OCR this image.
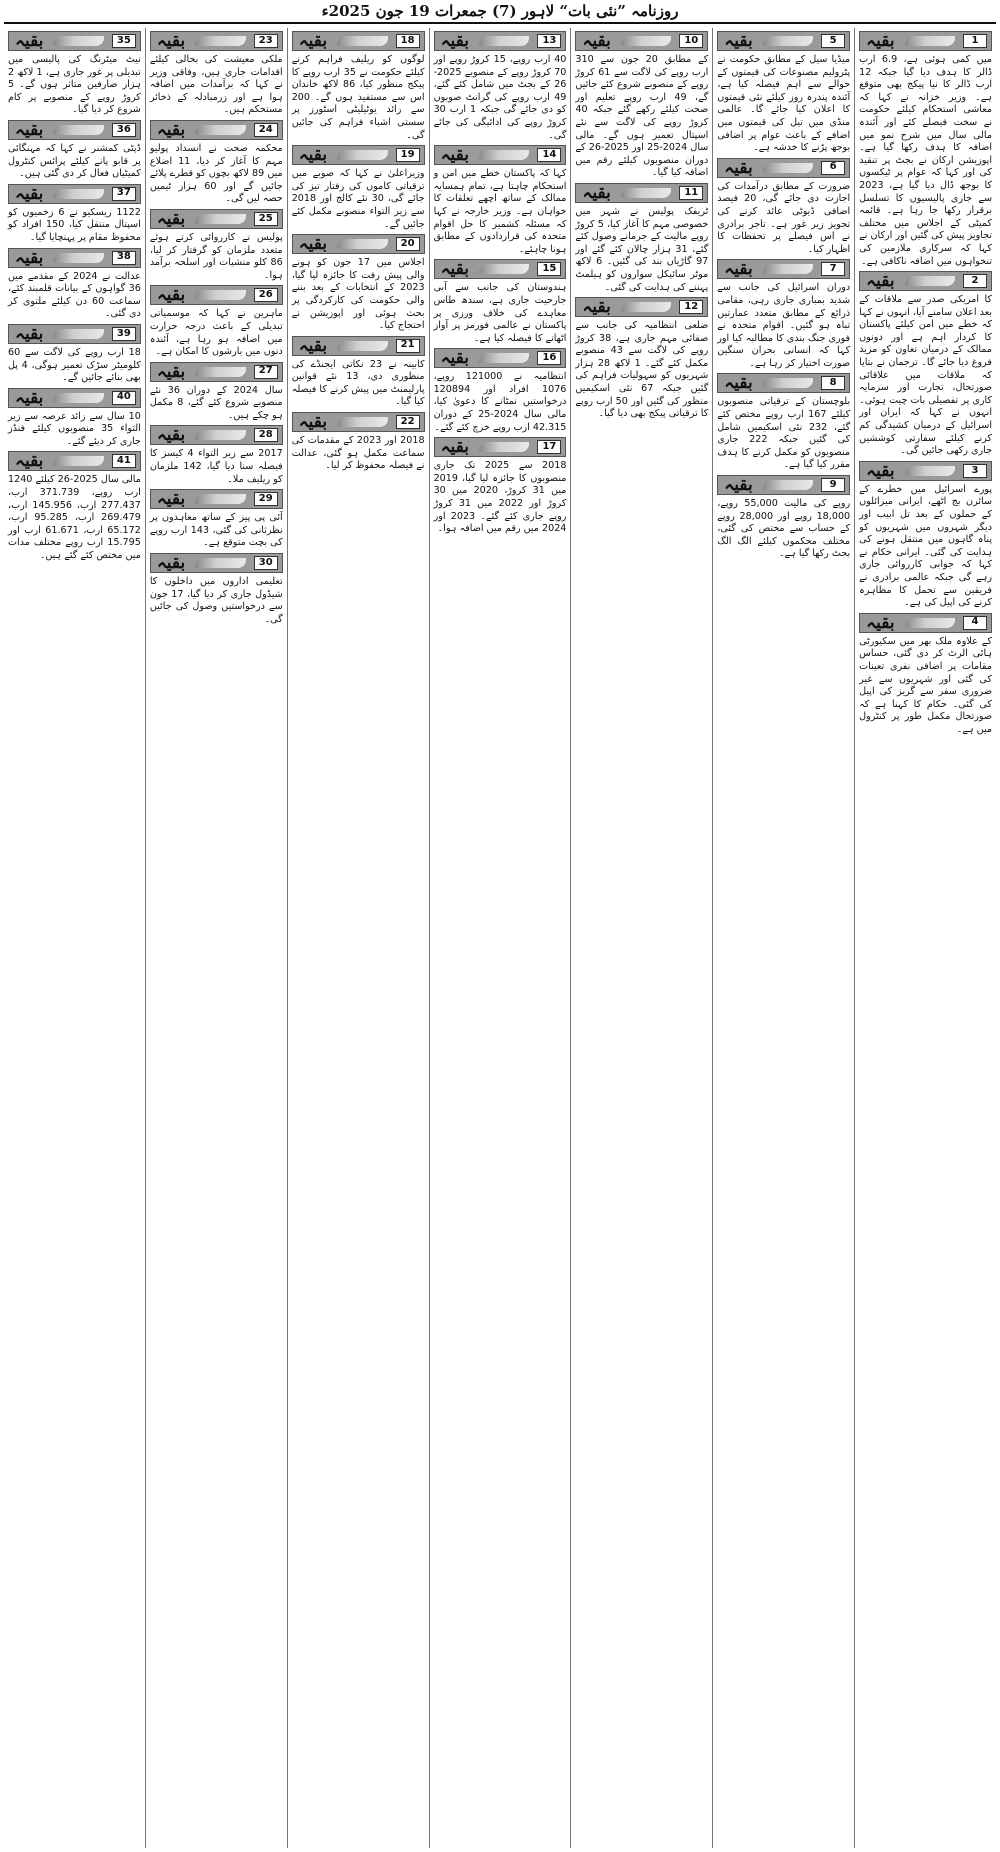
روزنامہ ”نئی بات“ لاہور (7) جمعرات 19 جون 2025ء
بقیہ	1

میں کمی ہوئی ہے، 6.9 ارب ڈالر کا ہدف دیا گیا جبکہ 12 ارب ڈالر کا نیا پیکج بھی متوقع ہے۔ وزیر خزانہ نے کہا کہ معاشی استحکام کیلئے حکومت نے سخت فیصلے کئے اور آئندہ مالی سال میں شرح نمو میں اضافہ کا ہدف رکھا گیا ہے۔ اپوزیشن ارکان نے بجٹ پر تنقید کی اور کہا کہ عوام پر ٹیکسوں کا بوجھ ڈال دیا گیا ہے، 2023 سے جاری پالیسیوں کا تسلسل برقرار رکھا جا رہا ہے۔ قائمہ کمیٹی کے اجلاس میں مختلف تجاویز پیش کی گئیں اور ارکان نے کہا کہ سرکاری ملازمین کی تنخواہوں میں اضافہ ناکافی ہے۔

بقیہ	2

کا امریکی صدر سے ملاقات کے بعد اعلان سامنے آیا، انہوں نے کہا کہ خطے میں امن کیلئے پاکستان کا کردار اہم ہے اور دونوں ممالک کے درمیان تعاون کو مزید فروغ دیا جائے گا۔ ترجمان نے بتایا کہ ملاقات میں علاقائی صورتحال، تجارت اور سرمایہ کاری پر تفصیلی بات چیت ہوئی۔ انہوں نے کہا کہ ایران اور اسرائیل کے درمیان کشیدگی کم کرنے کیلئے سفارتی کوششیں جاری رکھی جائیں گی۔

بقیہ	3

پورے اسرائیل میں خطرے کے سائرن بج اٹھے، ایرانی میزائلوں کے حملوں کے بعد تل ابیب اور دیگر شہروں میں شہریوں کو پناہ گاہوں میں منتقل ہونے کی ہدایت کی گئی۔ ایرانی حکام نے کہا کہ جوابی کارروائی جاری رہے گی جبکہ عالمی برادری نے فریقین سے تحمل کا مظاہرہ کرنے کی اپیل کی ہے۔

بقیہ	4

کے علاوہ ملک بھر میں سکیورٹی ہائی الرٹ کر دی گئی، حساس مقامات پر اضافی نفری تعینات کی گئی اور شہریوں سے غیر ضروری سفر سے گریز کی اپیل کی گئی۔ حکام کا کہنا ہے کہ صورتحال مکمل طور پر کنٹرول میں ہے۔

بقیہ	5

میڈیا سیل کے مطابق حکومت نے پٹرولیم مصنوعات کی قیمتوں کے حوالے سے اہم فیصلہ کیا ہے، آئندہ پندرہ روز کیلئے نئی قیمتوں کا اعلان کیا جائے گا۔ عالمی منڈی میں تیل کی قیمتوں میں اضافے کے باعث عوام پر اضافی بوجھ پڑنے کا خدشہ ہے۔

بقیہ	6

ضرورت کے مطابق درآمدات کی اجازت دی جائے گی، 20 فیصد اضافی ڈیوٹی عائد کرنے کی تجویز زیر غور ہے۔ تاجر برادری نے اس فیصلے پر تحفظات کا اظہار کیا۔

بقیہ	7

دوران اسرائیل کی جانب سے شدید بمباری جاری رہی، مقامی ذرائع کے مطابق متعدد عمارتیں تباہ ہو گئیں۔ اقوام متحدہ نے فوری جنگ بندی کا مطالبہ کیا اور کہا کہ انسانی بحران سنگین صورت اختیار کر رہا ہے۔

بقیہ	8

بلوچستان کے ترقیاتی منصوبوں کیلئے 167 ارب روپے مختص کئے گئے، 232 نئی اسکیمیں شامل کی گئیں جبکہ 222 جاری منصوبوں کو مکمل کرنے کا ہدف مقرر کیا گیا ہے۔

بقیہ	9

روپے کی مالیت 55,000 روپے، 18,000 روپے اور 28,000 روپے کے حساب سے مختص کی گئی، مختلف محکموں کیلئے الگ الگ بجٹ رکھا گیا ہے۔

بقیہ	10

کے مطابق 20 جون سے 310 ارب روپے کی لاگت سے 61 کروڑ روپے کے منصوبے شروع کئے جائیں گے، 49 ارب روپے تعلیم اور صحت کیلئے رکھے گئے جبکہ 40 کروڑ روپے کی لاگت سے نئے اسپتال تعمیر ہوں گے۔ مالی سال 2024-25 اور 2025-26 کے دوران منصوبوں کیلئے رقم میں اضافہ کیا گیا۔

بقیہ	11

ٹریفک پولیس نے شہر میں خصوصی مہم کا آغاز کیا، 5 کروڑ روپے مالیت کے جرمانے وصول کئے گئے، 31 ہزار چالان کئے گئے اور 97 گاڑیاں بند کی گئیں۔ 6 لاکھ موٹر سائیکل سواروں کو ہیلمٹ پہننے کی ہدایت کی گئی۔

بقیہ	12

ضلعی انتظامیہ کی جانب سے صفائی مہم جاری ہے، 38 کروڑ روپے کی لاگت سے 43 منصوبے مکمل کئے گئے۔ 1 لاکھ 28 ہزار شہریوں کو سہولیات فراہم کی گئیں جبکہ 67 نئی اسکیمیں منظور کی گئیں اور 50 ارب روپے کا ترقیاتی پیکج بھی دیا گیا۔

بقیہ	13

40 ارب روپے، 15 کروڑ روپے اور 70 کروڑ روپے کے منصوبے 2025-26 کے بجٹ میں شامل کئے گئے، 49 ارب روپے کی گرانٹ صوبوں کو دی جائے گی جبکہ 1 ارب 30 کروڑ روپے کی ادائیگی کی جائے گی۔

بقیہ	14

کہا کہ پاکستان خطے میں امن و استحکام چاہتا ہے، تمام ہمسایہ ممالک کے ساتھ اچھے تعلقات کا خواہاں ہے۔ وزیر خارجہ نے کہا کہ مسئلہ کشمیر کا حل اقوام متحدہ کی قراردادوں کے مطابق ہونا چاہئے۔

بقیہ	15

ہندوستان کی جانب سے آبی جارحیت جاری ہے، سندھ طاس معاہدے کی خلاف ورزی پر پاکستان نے عالمی فورمز پر آواز اٹھانے کا فیصلہ کیا ہے۔

بقیہ	16

انتظامیہ نے 121000 روپے، 1076 افراد اور 120894 درخواستیں نمٹانے کا دعویٰ کیا، مالی سال 2024-25 کے دوران 42.315 ارب روپے خرچ کئے گئے۔

بقیہ	17

2018 سے 2025 تک جاری منصوبوں کا جائزہ لیا گیا، 2019 میں 31 کروڑ، 2020 میں 30 کروڑ اور 2022 میں 31 کروڑ روپے جاری کئے گئے۔ 2023 اور 2024 میں رقم میں اضافہ ہوا۔

بقیہ	18

لوگوں کو ریلیف فراہم کرنے کیلئے حکومت نے 35 ارب روپے کا پیکج منظور کیا، 86 لاکھ خاندان اس سے مستفید ہوں گے۔ 200 سے زائد یوٹیلیٹی اسٹورز پر سستی اشیاء فراہم کی جائیں گی۔

بقیہ	19

وزیراعلیٰ نے کہا کہ صوبے میں ترقیاتی کاموں کی رفتار تیز کی جائے گی، 30 نئے کالج اور 2018 سے زیر التواء منصوبے مکمل کئے جائیں گے۔

بقیہ	20

اجلاس میں 17 جون کو ہونے والی پیش رفت کا جائزہ لیا گیا، 2023 کے انتخابات کے بعد بننے والی حکومت کی کارکردگی پر بحث ہوئی اور اپوزیشن نے احتجاج کیا۔

بقیہ	21

کابینہ نے 23 نکاتی ایجنڈے کی منظوری دی، 13 نئے قوانین پارلیمنٹ میں پیش کرنے کا فیصلہ کیا گیا۔

بقیہ	22

2018 اور 2023 کے مقدمات کی سماعت مکمل ہو گئی، عدالت نے فیصلہ محفوظ کر لیا۔

بقیہ	23

ملکی معیشت کی بحالی کیلئے اقدامات جاری ہیں، وفاقی وزیر نے کہا کہ برآمدات میں اضافہ ہوا ہے اور زرمبادلہ کے ذخائر مستحکم ہیں۔

بقیہ	24

محکمہ صحت نے انسداد پولیو مہم کا آغاز کر دیا، 11 اضلاع میں 89 لاکھ بچوں کو قطرے پلائے جائیں گے اور 60 ہزار ٹیمیں حصہ لیں گی۔

بقیہ	25

پولیس نے کارروائی کرتے ہوئے متعدد ملزمان کو گرفتار کر لیا، 86 کلو منشیات اور اسلحہ برآمد ہوا۔

بقیہ	26

ماہرین نے کہا کہ موسمیاتی تبدیلی کے باعث درجہ حرارت میں اضافہ ہو رہا ہے، آئندہ دنوں میں بارشوں کا امکان ہے۔

بقیہ	27

سال 2024 کے دوران 36 نئے منصوبے شروع کئے گئے، 8 مکمل ہو چکے ہیں۔

بقیہ	28

2017 سے زیر التواء 4 کیسز کا فیصلہ سنا دیا گیا، 142 ملزمان کو ریلیف ملا۔

بقیہ	29

آئی پی پیز کے ساتھ معاہدوں پر نظرثانی کی گئی، 143 ارب روپے کی بچت متوقع ہے۔

بقیہ	30

تعلیمی اداروں میں داخلوں کا شیڈول جاری کر دیا گیا، 17 جون سے درخواستیں وصول کی جائیں گی۔

بقیہ	35

نیٹ میٹرنگ کی پالیسی میں تبدیلی پر غور جاری ہے، 1 لاکھ 2 ہزار صارفین متاثر ہوں گے۔ 5 کروڑ روپے کے منصوبے پر کام شروع کر دیا گیا۔

بقیہ	36

ڈپٹی کمشنر نے کہا کہ مہنگائی پر قابو پانے کیلئے پرائس کنٹرول کمیٹیاں فعال کر دی گئی ہیں۔

بقیہ	37

1122 ریسکیو نے 6 زخمیوں کو اسپتال منتقل کیا، 150 افراد کو محفوظ مقام پر پہنچایا گیا۔

بقیہ	38

عدالت نے 2024 کے مقدمے میں 36 گواہوں کے بیانات قلمبند کئے، سماعت 60 دن کیلئے ملتوی کر دی گئی۔

بقیہ	39

18 ارب روپے کی لاگت سے 60 کلومیٹر سڑک تعمیر ہوگی، 4 پل بھی بنائے جائیں گے۔

بقیہ	40

10 سال سے زائد عرصہ سے زیر التواء 35 منصوبوں کیلئے فنڈز جاری کر دیئے گئے۔

بقیہ	41

مالی سال 2025-26 کیلئے 1240 ارب روپے، 371.739 ارب، 277.437 ارب، 145.956 ارب، 269.479 ارب، 95.285 ارب، 65.172 ارب، 61.671 ارب اور 15.795 ارب روپے مختلف مدات میں مختص کئے گئے ہیں۔
